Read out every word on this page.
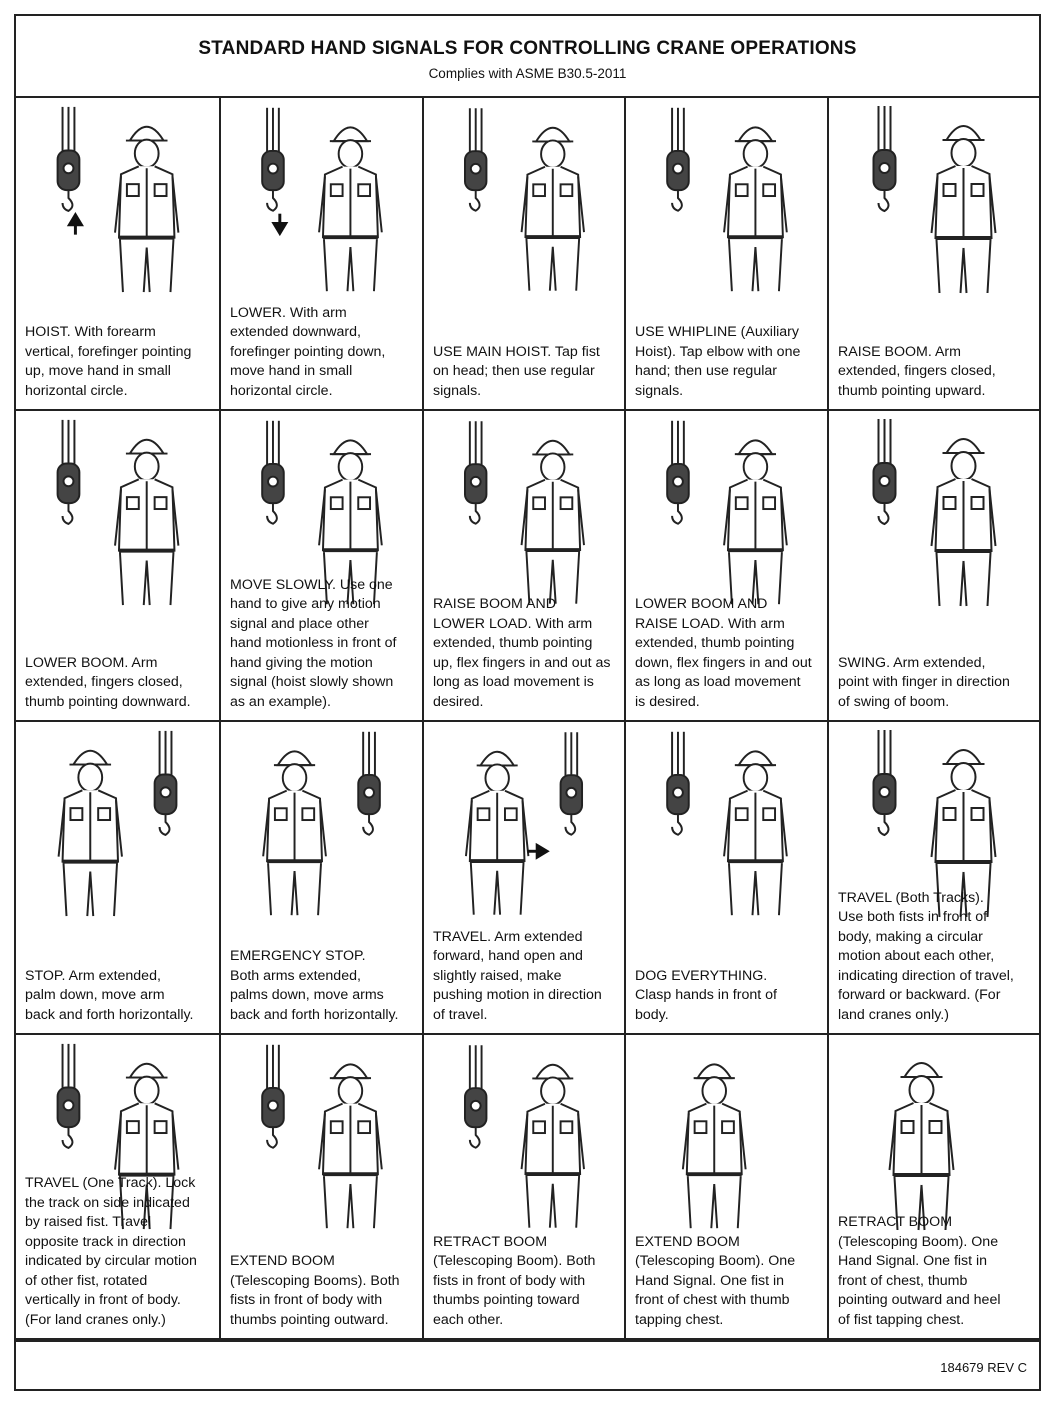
STANDARD HAND SIGNALS FOR CONTROLLING CRANE OPERATIONS
Complies with ASME B30.5-2011
HOIST. With forearm
vertical, forefinger pointing
up, move hand in small
horizontal circle.
LOWER. With arm
extended downward,
forefinger pointing down,
move hand in small
horizontal circle.
USE MAIN HOIST. Tap fist
on head; then use regular
signals.
USE WHIPLINE (Auxiliary
Hoist). Tap elbow with one
hand; then use regular
signals.
RAISE BOOM. Arm
extended, fingers closed,
thumb pointing upward.
LOWER BOOM. Arm
extended, fingers closed,
thumb pointing downward.
MOVE SLOWLY. Use one
hand to give any motion
signal and place other
hand motionless in front of
hand giving the motion
signal (hoist slowly shown
as an example).
RAISE BOOM AND
LOWER LOAD. With arm
extended, thumb pointing
up, flex fingers in and out as
long as load movement is
desired.
LOWER BOOM AND
RAISE LOAD. With arm
extended, thumb pointing
down, flex fingers in and out
as long as load movement
is desired.
SWING. Arm extended,
point with finger in direction
of swing of boom.
STOP. Arm extended,
palm down, move arm
back and forth horizontally.
EMERGENCY STOP.
Both arms extended,
palms down, move arms
back and forth horizontally.
TRAVEL. Arm extended
forward, hand open and
slightly raised, make
pushing motion in direction
of travel.
DOG EVERYTHING.
Clasp hands in front of
body.
TRAVEL (Both Tracks).
Use both fists in front of
body, making a circular
motion about each other,
indicating direction of travel,
forward or backward. (For
land cranes only.)
TRAVEL (One Track). Lock
the track on side indicated
by raised fist. Travel
opposite track in direction
indicated by circular motion
of other fist, rotated
vertically in front of body.
(For land cranes only.)
EXTEND BOOM
(Telescoping Booms). Both
fists in front of body with
thumbs pointing outward.
RETRACT BOOM
(Telescoping Boom). Both
fists in front of body with
thumbs pointing toward
each other.
EXTEND BOOM
(Telescoping Boom). One
Hand Signal. One fist in
front of chest with thumb
tapping chest.
RETRACT BOOM
(Telescoping Boom). One
Hand Signal. One fist in
front of chest, thumb
pointing outward and heel
of fist tapping chest.
184679 REV C
